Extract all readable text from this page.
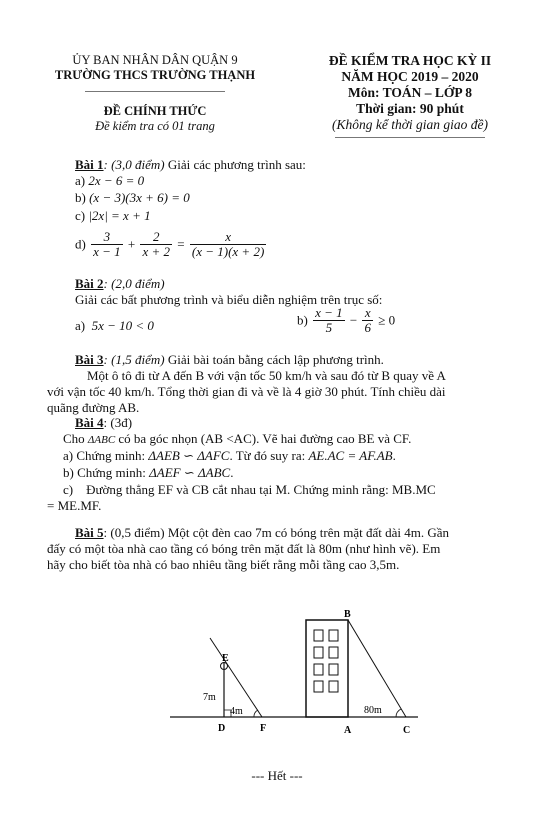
ỦY BAN NHÂN DÂN QUẬN 9
TRƯỜNG THCS TRƯỜNG THẠNH
ĐỀ CHÍNH THỨC
Đề kiểm tra có 01 trang
ĐỀ KIỂM TRA HỌC KỲ II
NĂM HỌC 2019 – 2020
Môn: TOÁN – LỚP 8
Thời gian: 90 phút
(Không kể thời gian giao đề)
Bài 1: (3,0 điểm) Giải các phương trình sau:
a) 2x − 6 = 0
b) (x − 3)(3x + 6) = 0
c) |2x| = x + 1
$d) \frac{3}{x - 1} + \frac{2}{x + 2} = \frac{x}{(x - 1)(x + 2)}$
Bài 2: (2,0 điểm)
Giải các bất phương trình và biểu diễn nghiệm trên trục số:
a) 5x − 10 < 0	$b) \frac{x - 1}{5} - \frac{x}{6} \ge 0$
Bài 3: (1,5 điểm) Giải bài toán bằng cách lập phương trình.
Một ô tô đi từ A đến B với vận tốc 50 km/h và sau đó từ B quay về A
với vận tốc 40 km/h. Tổng thời gian đi và về là 4 giờ 30 phút. Tính chiều dài
quãng đường AB.
Bài 4: (3đ)
Cho ΔABC có ba góc nhọn (AB <AC). Vẽ hai đường cao BE và CF.
a) Chứng minh: ΔAEB ∽ ΔAFC. Từ đó suy ra: AE.AC = AF.AB.
b) Chứng minh: ΔAEF ∽ ΔABC.
c) Đường thẳng EF và CB cắt nhau tại M. Chứng minh rằng: MB.MC
= ME.MF.
Bài 5: (0,5 điểm) Một cột đèn cao 7m có bóng trên mặt đất dài 4m. Gần
đấy có một tòa nhà cao tầng có bóng trên mặt đất là 80m (như hình vẽ). Em
hãy cho biết tòa nhà có bao nhiêu tầng biết rằng mỗi tầng cao 3,5m.
E
7m
4m
D	F
B
80m
A	C
--- Hết ---
